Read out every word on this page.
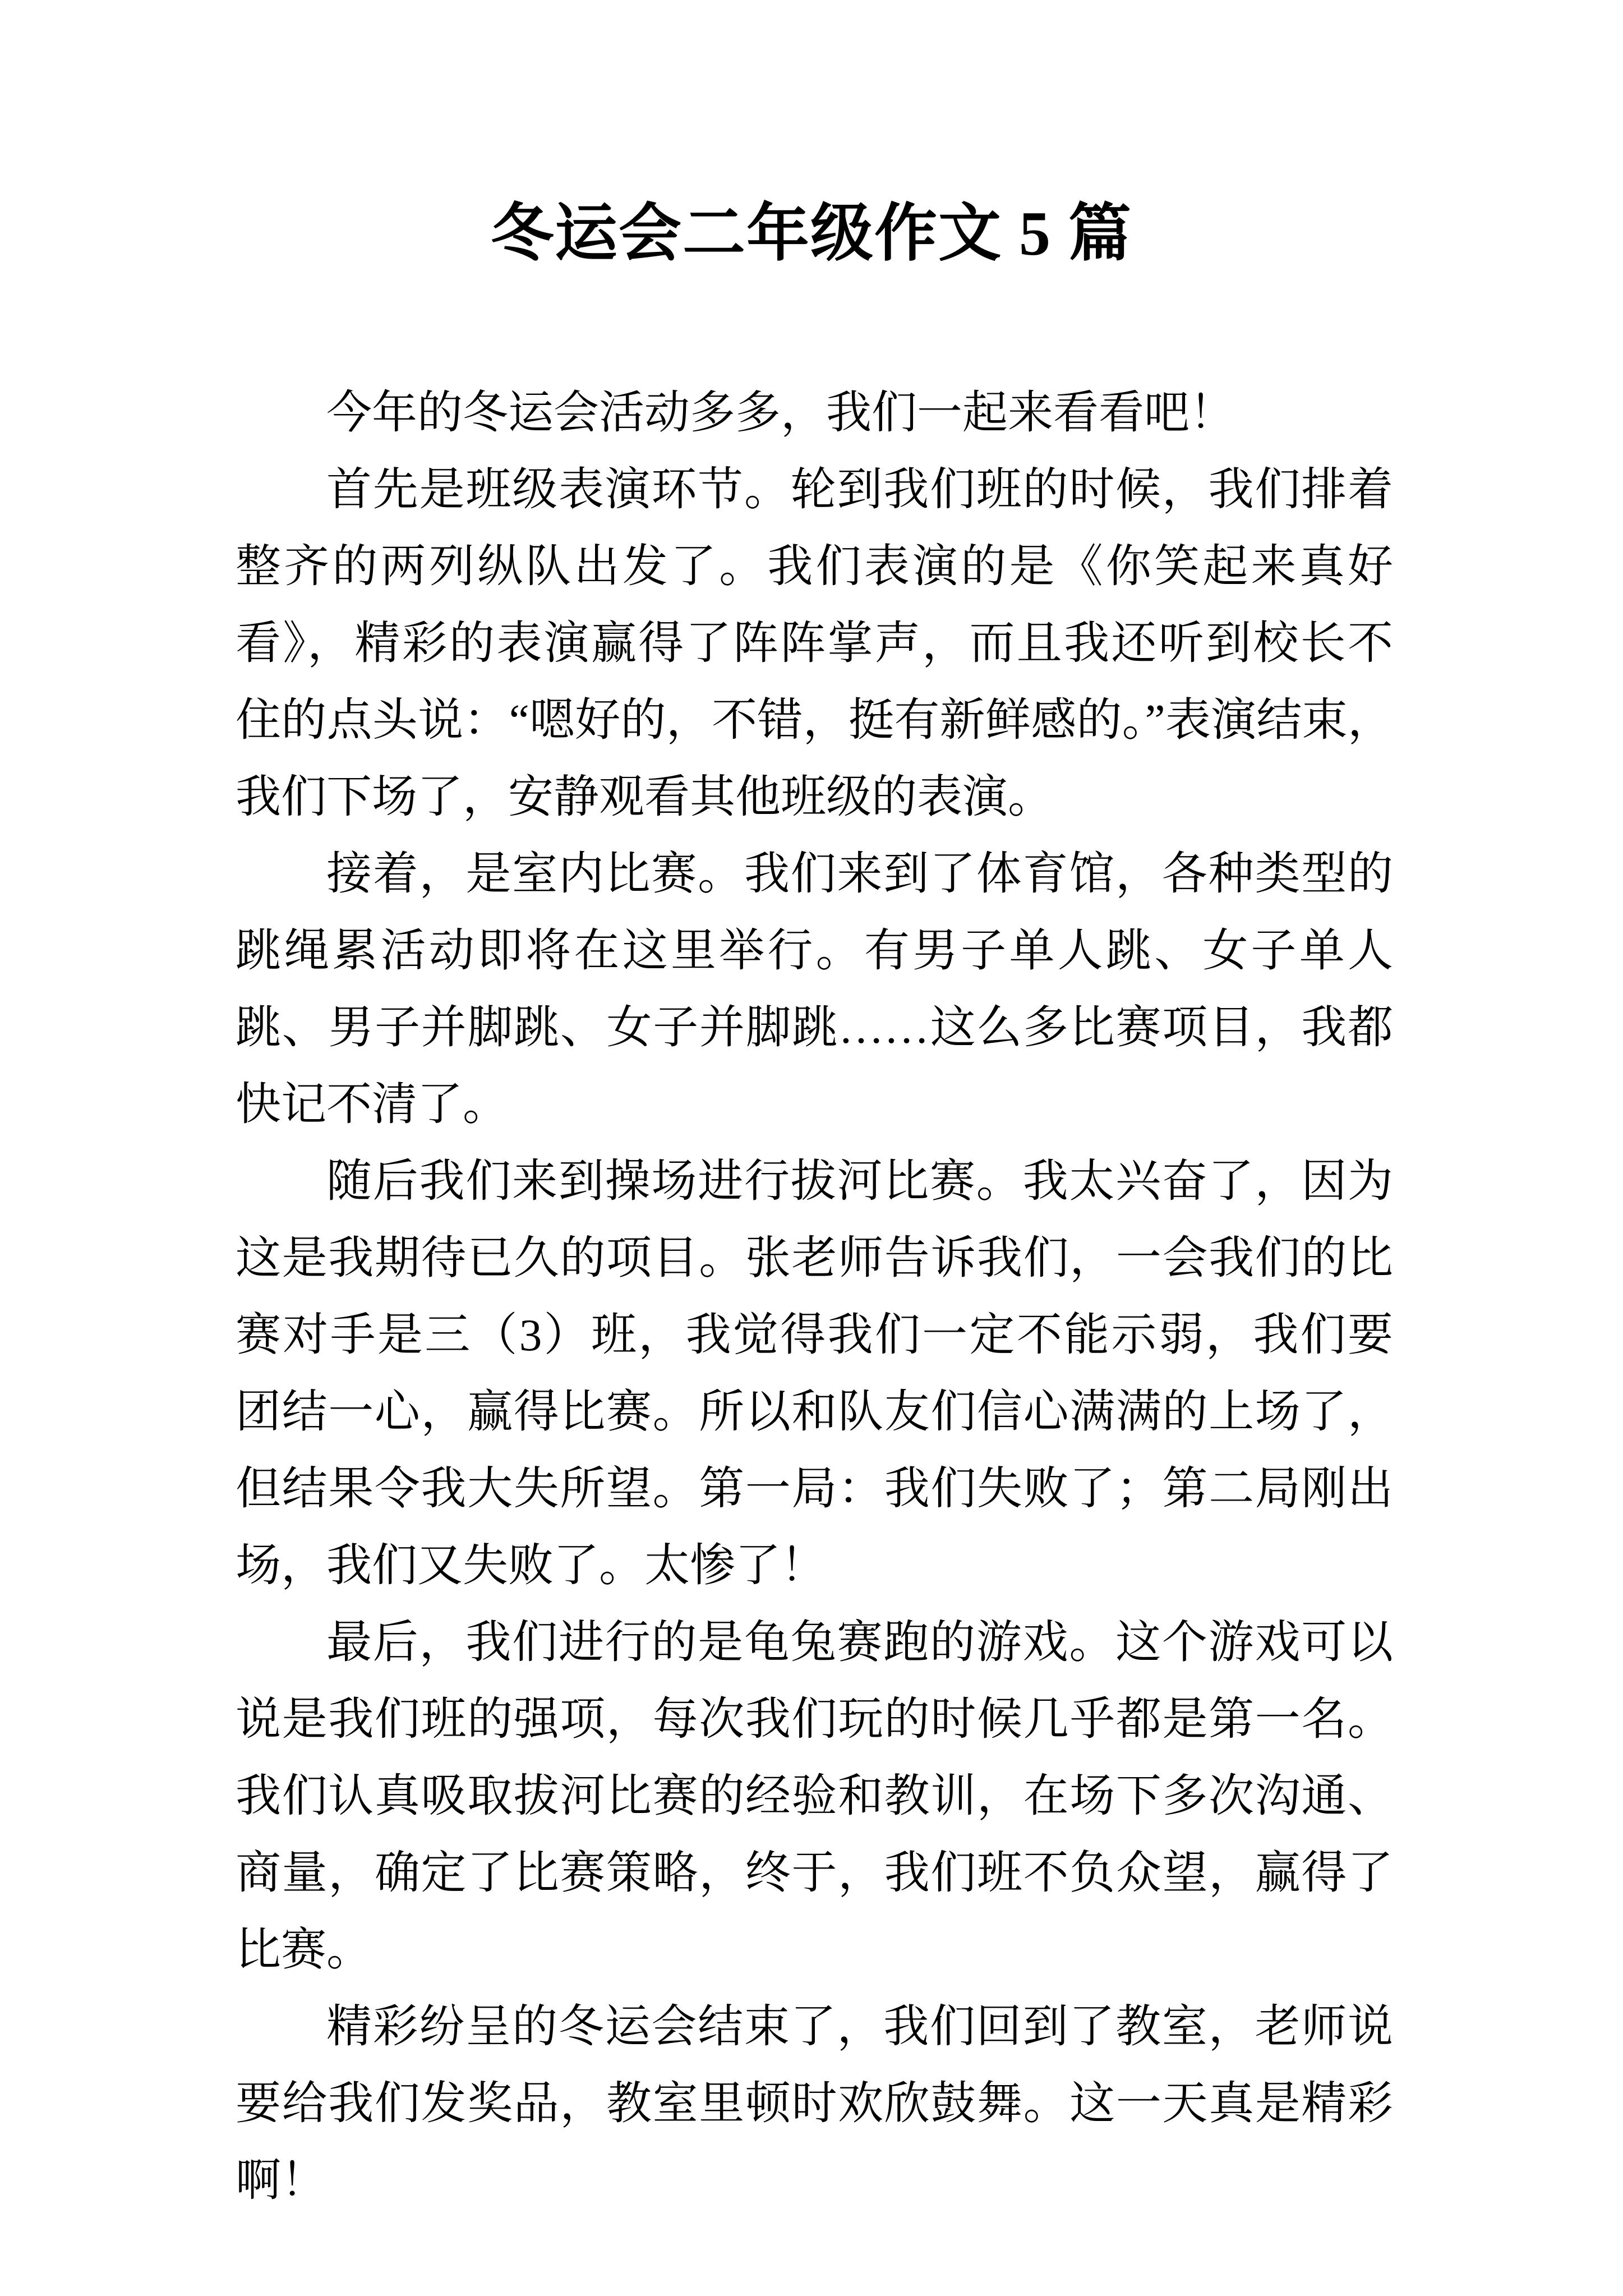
冬运会二年级作文 5 篇

今年的冬运会活动多多，我们一起来看看吧！

首先是班级表演环节。轮到我们班的时候，我们排着整齐的两列纵队出发了。我们表演的是《你笑起来真好看》，精彩的表演赢得了阵阵掌声，而且我还听到校长不住的点头说：“嗯好的，不错，挺有新鲜感的。”表演结束，我们下场了，安静观看其他班级的表演。

接着，是室内比赛。我们来到了体育馆，各种类型的跳绳累活动即将在这里举行。有男子单人跳、女子单人跳、男子并脚跳、女子并脚跳……这么多比赛项目，我都快记不清了。

随后我们来到操场进行拔河比赛。我太兴奋了，因为这是我期待已久的项目。张老师告诉我们，一会我们的比赛对手是三（3）班，我觉得我们一定不能示弱，我们要团结一心，赢得比赛。所以和队友们信心满满的上场了，但结果令我大失所望。第一局：我们失败了；第二局刚出场，我们又失败了。太惨了！

最后，我们进行的是龟兔赛跑的游戏。这个游戏可以说是我们班的强项，每次我们玩的时候几乎都是第一名。我们认真吸取拔河比赛的经验和教训，在场下多次沟通、商量，确定了比赛策略，终于，我们班不负众望，赢得了比赛。

精彩纷呈的冬运会结束了，我们回到了教室，老师说要给我们发奖品，教室里顿时欢欣鼓舞。这一天真是精彩啊！
